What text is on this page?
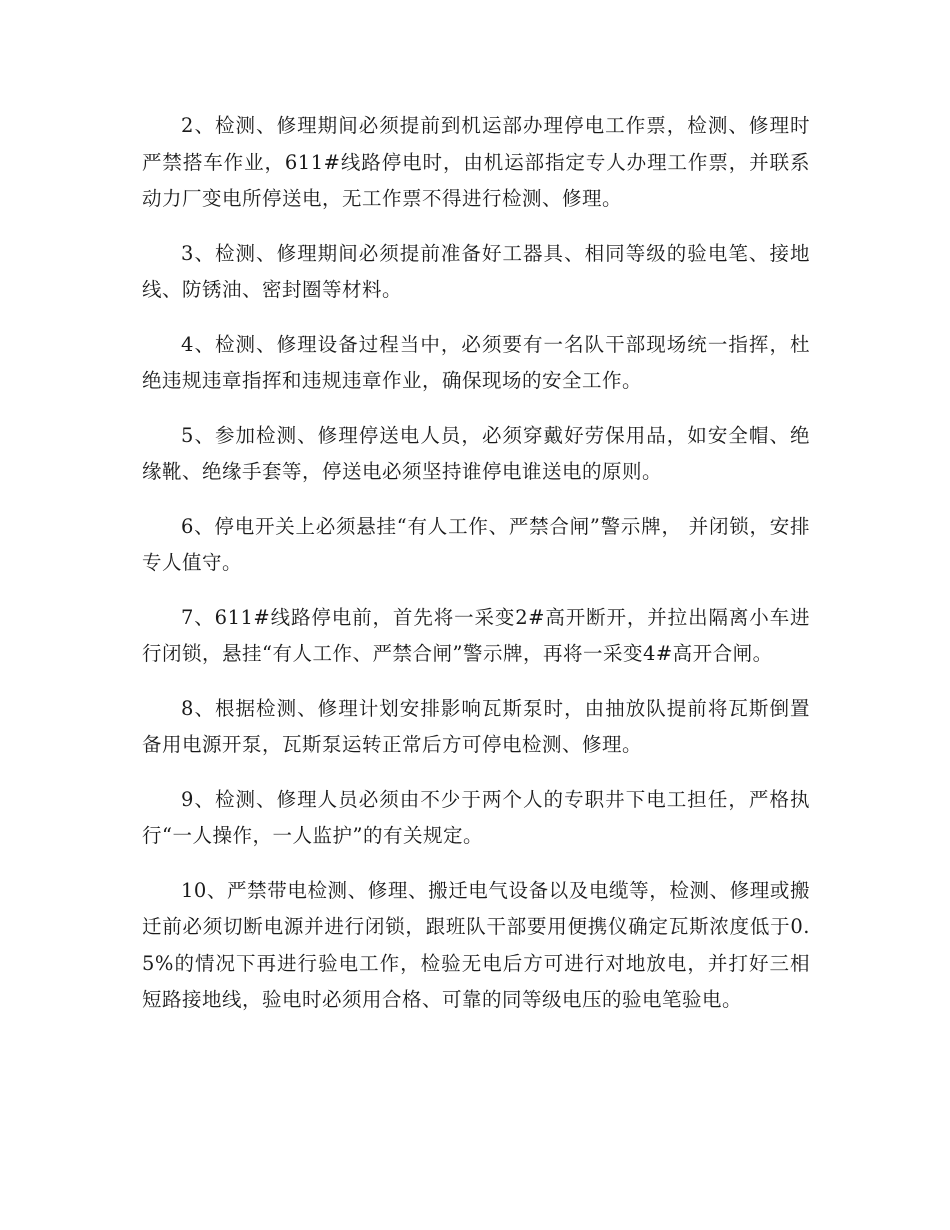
2、检测、修理期间必须提前到机运部办理停电工作票，检测、修理时严禁搭车作业，611#线路停电时，由机运部指定专人办理工作票，并联系动力厂变电所停送电，无工作票不得进行检测、修理。

3、检测、修理期间必须提前准备好工器具、相同等级的验电笔、接地线、防锈油、密封圈等材料。

4、检测、修理设备过程当中，必须要有一名队干部现场统一指挥，杜绝违规违章指挥和违规违章作业，确保现场的安全工作。

5、参加检测、修理停送电人员，必须穿戴好劳保用品，如安全帽、绝缘靴、绝缘手套等，停送电必须坚持谁停电谁送电的原则。

6、停电开关上必须悬挂“有人工作、严禁合闸”警示牌， 并闭锁，安排专人值守。

7、611#线路停电前，首先将一采变2#高开断开，并拉出隔离小车进行闭锁，悬挂“有人工作、严禁合闸”警示牌，再将一采变4#高开合闸。

8、根据检测、修理计划安排影响瓦斯泵时，由抽放队提前将瓦斯倒置备用电源开泵，瓦斯泵运转正常后方可停电检测、修理。

9、检测、修理人员必须由不少于两个人的专职井下电工担任，严格执行“一人操作，一人监护”的有关规定。

10、严禁带电检测、修理、搬迁电气设备以及电缆等，检测、修理或搬迁前必须切断电源并进行闭锁，跟班队干部要用便携仪确定瓦斯浓度低于0.5%的情况下再进行验电工作，检验无电后方可进行对地放电，并打好三相短路接地线，验电时必须用合格、可靠的同等级电压的验电笔验电。
